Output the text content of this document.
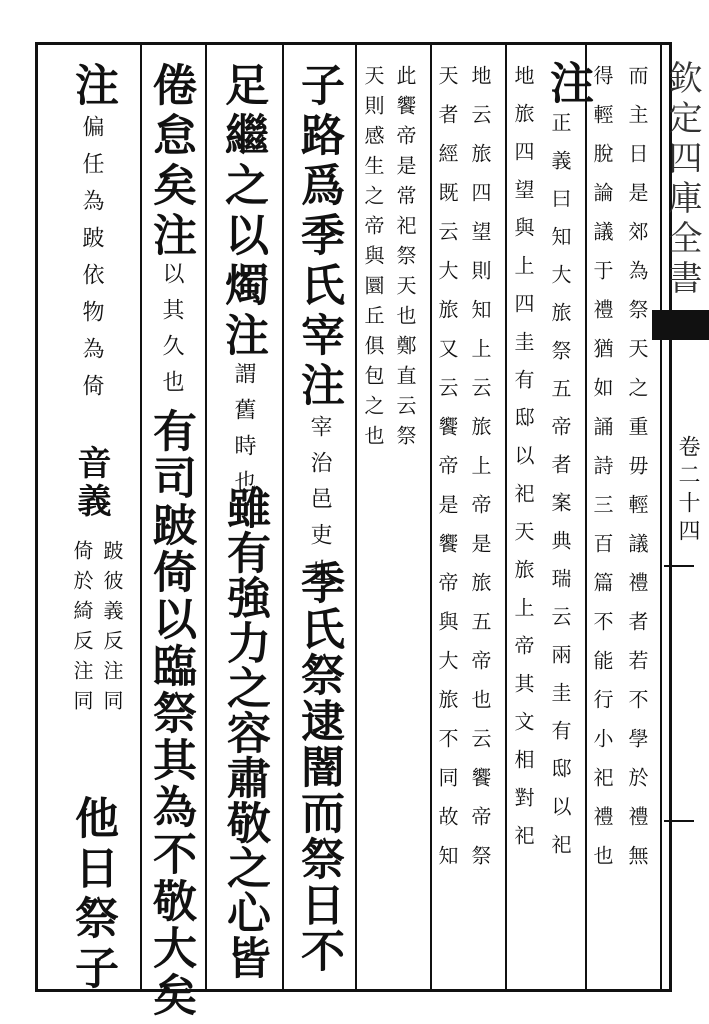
注

偏任為跛依物為倚

音義

跛彼義反注同

倚於綺反注同

他日祭子

倦怠矣注

以其久也

有司跛倚以臨祭其為不敬大矣

足繼之以燭注

謂舊時也

雖有強力之容肅敬之心皆

子路爲季氏宰注

宰治邑吏也

季氏祭逮闇而祭日不

此饗帝是常祀祭天也鄭直云祭

天則感生之帝與圜丘俱包之也	地云旅四望則知上云旅上帝是旅五帝也云饗帝祭

天者經既云大旅又云饗帝是饗帝與大旅不同故知 注

正義曰知大旅祭五帝者案典瑞云兩圭有邸以祀

地旅四望與上四圭有邸以祀天旅上帝其文相對祀	而主日是郊為祭天之重毋輕議禮者若不學於禮無

得輕脫論議于禮猶如誦詩三百篇不能行小祀禮也 欽定四庫全書

卷二十四
